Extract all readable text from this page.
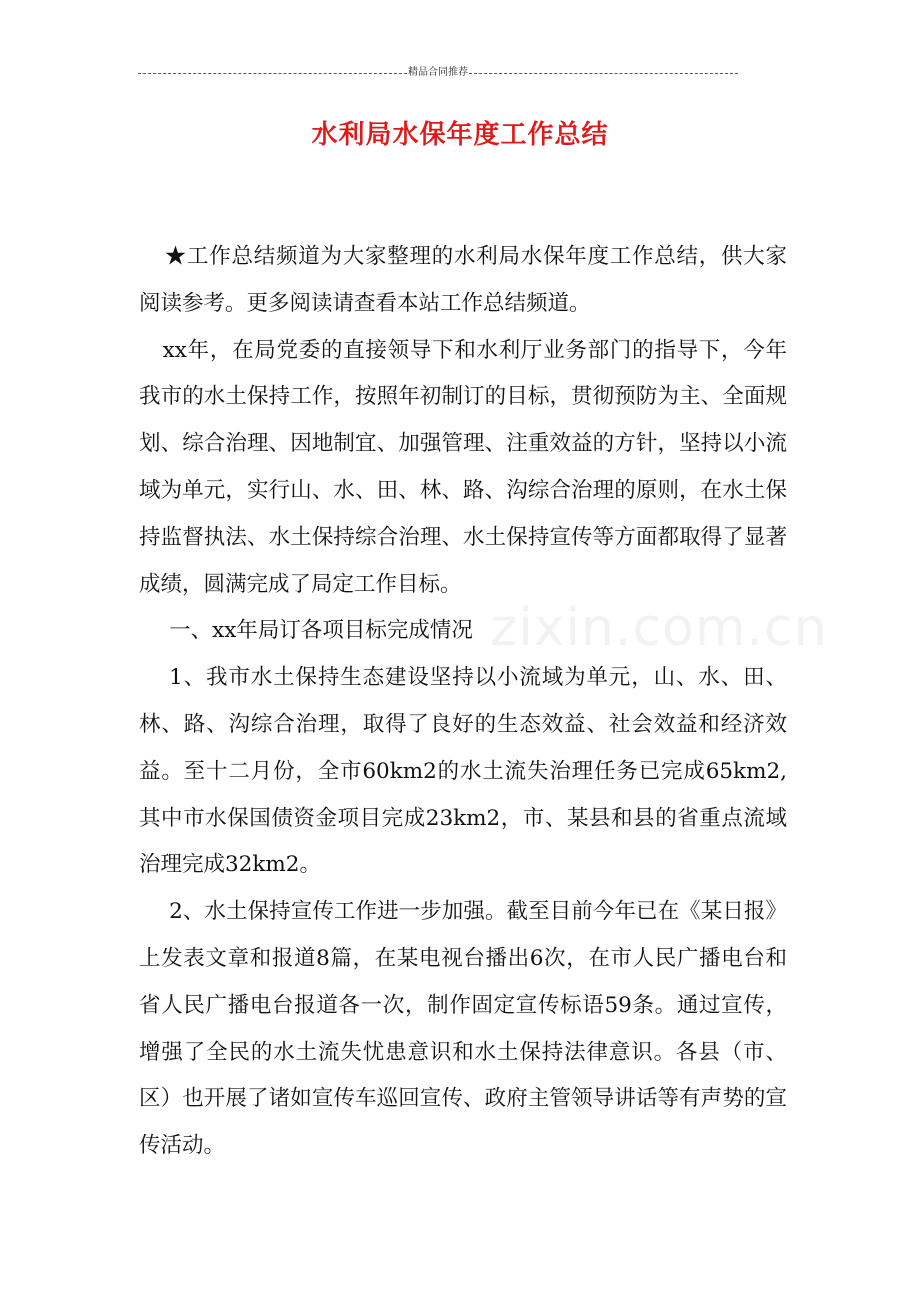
精品合同推荐
水利局水保年度工作总结
zixin.com.cn

★工作总结频道为大家整理的水利局水保年度工作总结，供大家阅读参考。更多阅读请查看本站工作总结频道。

xx年，在局党委的直接领导下和水利厅业务部门的指导下，今年我市的水土保持工作，按照年初制订的目标，贯彻预防为主、全面规划、综合治理、因地制宜、加强管理、注重效益的方针，坚持以小流域为单元，实行山、水、田、林、路、沟综合治理的原则，在水土保持监督执法、水土保持综合治理、水土保持宣传等方面都取得了显著成绩，圆满完成了局定工作目标。

一、xx年局订各项目标完成情况

1、我市水土保持生态建设坚持以小流域为单元，山、水、田、林、路、沟综合治理，取得了良好的生态效益、社会效益和经济效益。至十二月份，全市60km2的水土流失治理任务已完成65km2,其中市水保国债资金项目完成23km2，市、某县和县的省重点流域治理完成32km2。

2、水土保持宣传工作进一步加强。截至目前今年已在《某日报》上发表文章和报道8篇，在某电视台播出6次，在市人民广播电台和省人民广播电台报道各一次，制作固定宣传标语59条。通过宣传，增强了全民的水土流失忧患意识和水土保持法律意识。各县（市、区）也开展了诸如宣传车巡回宣传、政府主管领导讲话等有声势的宣传活动。
